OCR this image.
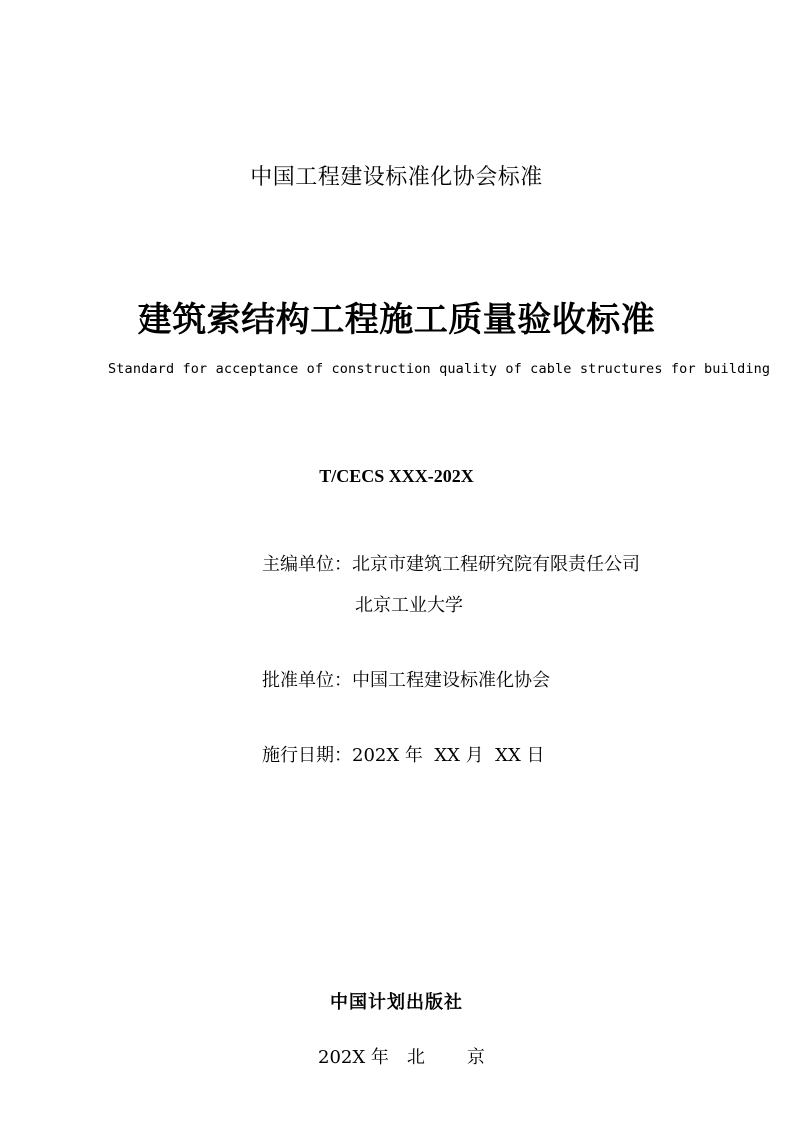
中国工程建设标准化协会标准
建筑索结构工程施工质量验收标准
Standard for acceptance of construction quality of cable structures for building
T/CECS XXX-202X
主编单位：北京市建筑工程研究院有限责任公司
北京工业大学
批准单位：中国工程建设标准化协会
施行日期：202X 年  XX 月  XX 日
中国计划出版社
202X 年 北 京
